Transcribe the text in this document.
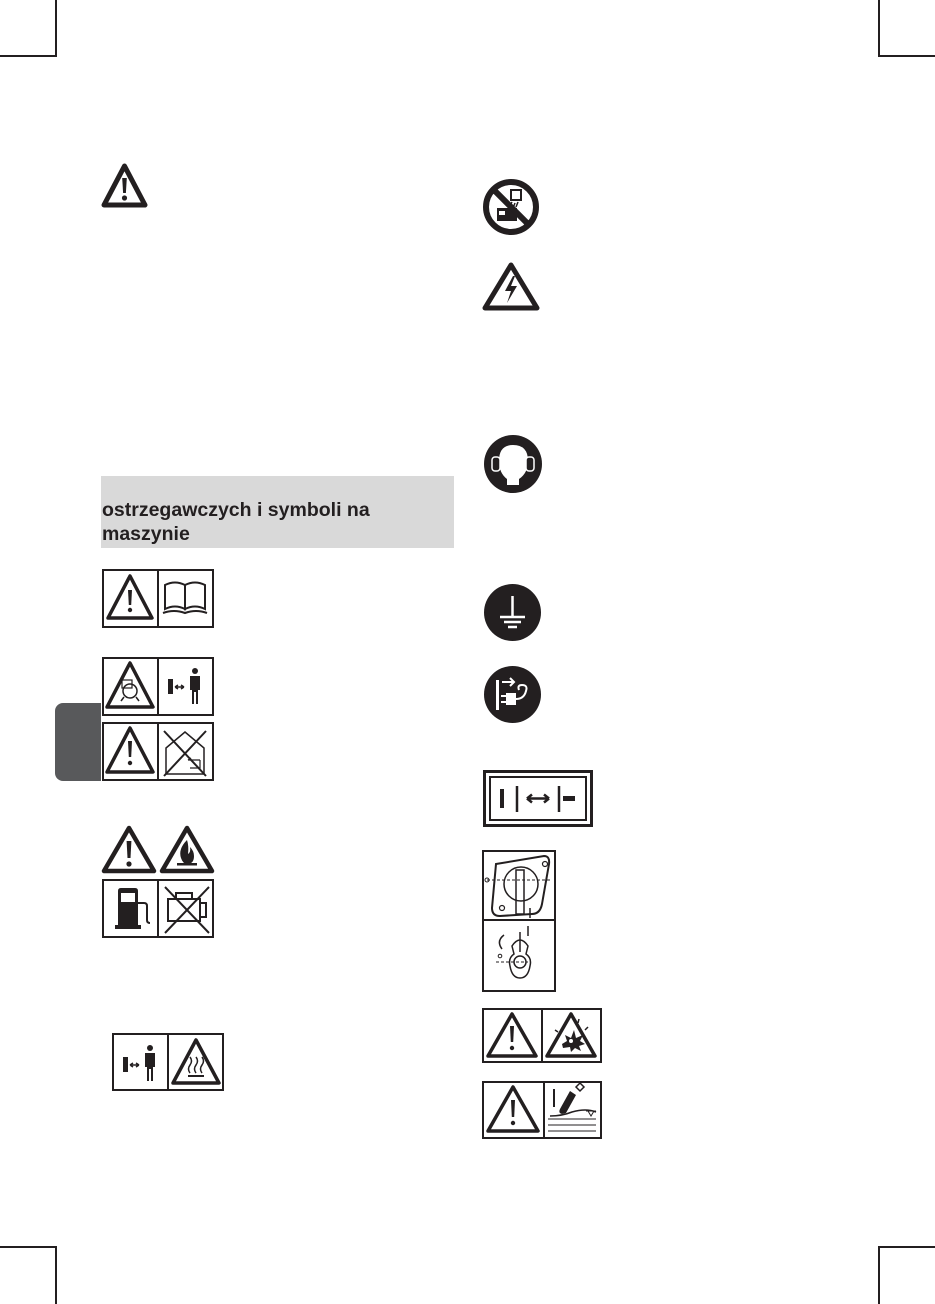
ostrzegawczych i symboli na maszynie
